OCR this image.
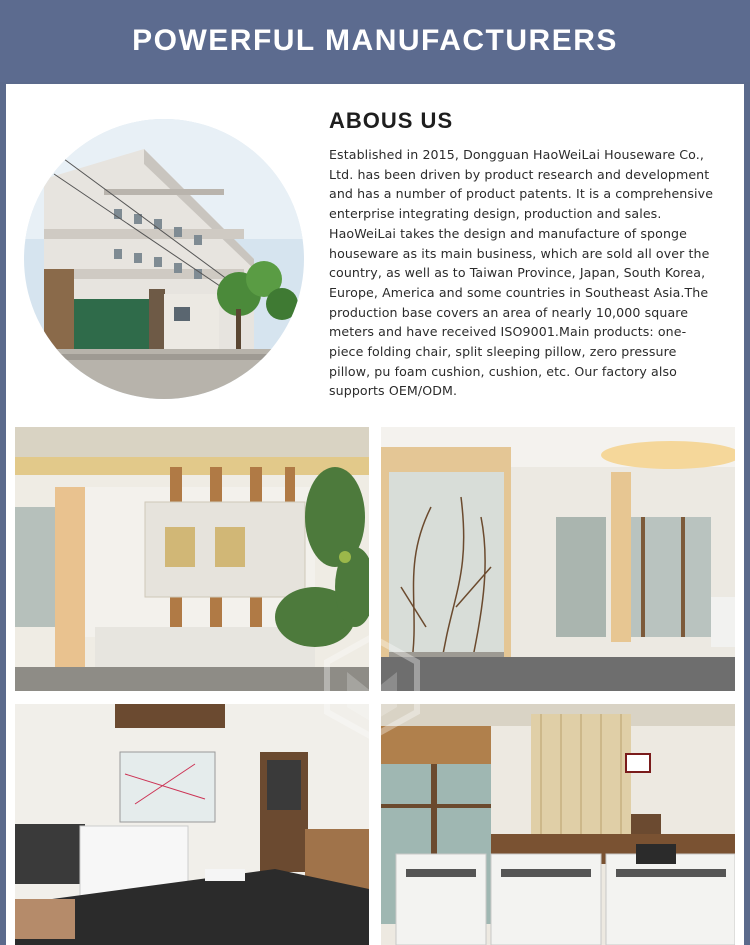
POWERFUL MANUFACTURERS
ABOUS US
Established in 2015, Dongguan HaoWeiLai Houseware Co., Ltd. has been driven by product research and development and has a number of product patents. It is a comprehensive enterprise integrating design, production and sales. HaoWeiLai takes the design and manufacture of sponge houseware as its main business, which are sold all over the country, as well as to Taiwan Province, Japan, South Korea, Europe, America and some countries in Southeast Asia.The production base covers an area of nearly 10,000 square meters and have received ISO9001.Main products: one-piece folding chair, split sleeping pillow, zero pressure pillow, pu foam cushion, cushion, etc. Our factory also supports OEM/ODM.
